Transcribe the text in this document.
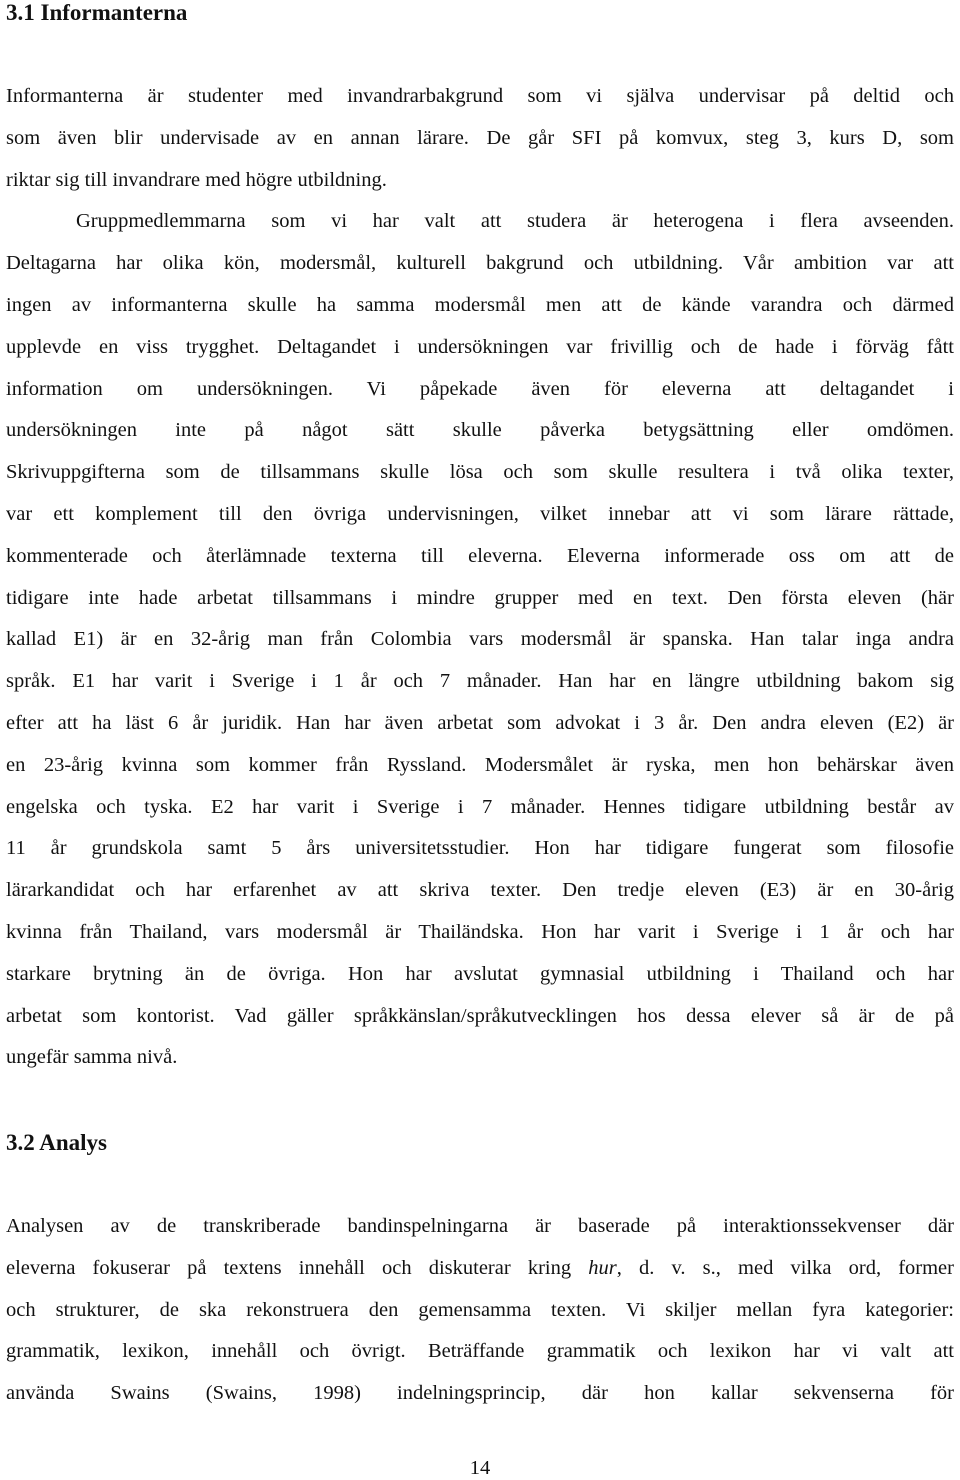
3.1 Informanterna
Informanterna är studenter med invandrarbakgrund som vi själva undervisar på deltid och
som även blir undervisade av en annan lärare. De går SFI på komvux, steg 3, kurs D, som
riktar sig till invandrare med högre utbildning.
Gruppmedlemmarna som vi har valt att studera är heterogena i flera avseenden.
Deltagarna har olika kön, modersmål, kulturell bakgrund och utbildning. Vår ambition var att
ingen av informanterna skulle ha samma modersmål men att de kände varandra och därmed
upplevde en viss trygghet. Deltagandet i undersökningen var frivillig och de hade i förväg fått
information om undersökningen. Vi påpekade även för eleverna att deltagandet i
undersökningen inte på något sätt skulle påverka betygsättning eller omdömen.
Skrivuppgifterna som de tillsammans skulle lösa och som skulle resultera i två olika texter,
var ett komplement till den övriga undervisningen, vilket innebar att vi som lärare rättade,
kommenterade och återlämnade texterna till eleverna. Eleverna informerade oss om att de
tidigare inte hade arbetat tillsammans i mindre grupper med en text. Den första eleven (här
kallad E1) är en 32-årig man från Colombia vars modersmål är spanska. Han talar inga andra
språk. E1 har varit i Sverige i 1 år och 7 månader. Han har en längre utbildning bakom sig
efter att ha läst 6 år juridik. Han har även arbetat som advokat i 3 år. Den andra eleven (E2) är
en 23-årig kvinna som kommer från Ryssland. Modersmålet är ryska, men hon behärskar även
engelska och tyska. E2 har varit i Sverige i 7 månader. Hennes tidigare utbildning består av
11 år grundskola samt 5 års universitetsstudier. Hon har tidigare fungerat som filosofie
lärarkandidat och har erfarenhet av att skriva texter. Den tredje eleven (E3) är en 30-årig
kvinna från Thailand, vars modersmål är Thailändska. Hon har varit i Sverige i 1 år och har
starkare brytning än de övriga. Hon har avslutat gymnasial utbildning i Thailand och har
arbetat som kontorist. Vad gäller språkkänslan/språkutvecklingen hos dessa elever så är de på
ungefär samma nivå.
3.2 Analys
Analysen av de transkriberade bandinspelningarna är baserade på interaktionssekvenser där
eleverna fokuserar på textens innehåll och diskuterar kring hur, d. v. s., med vilka ord, former
och strukturer, de ska rekonstruera den gemensamma texten. Vi skiljer mellan fyra kategorier:
grammatik, lexikon, innehåll och övrigt. Beträffande grammatik och lexikon har vi valt att
använda Swains (Swains, 1998) indelningsprincip, där hon kallar sekvenserna för
14
